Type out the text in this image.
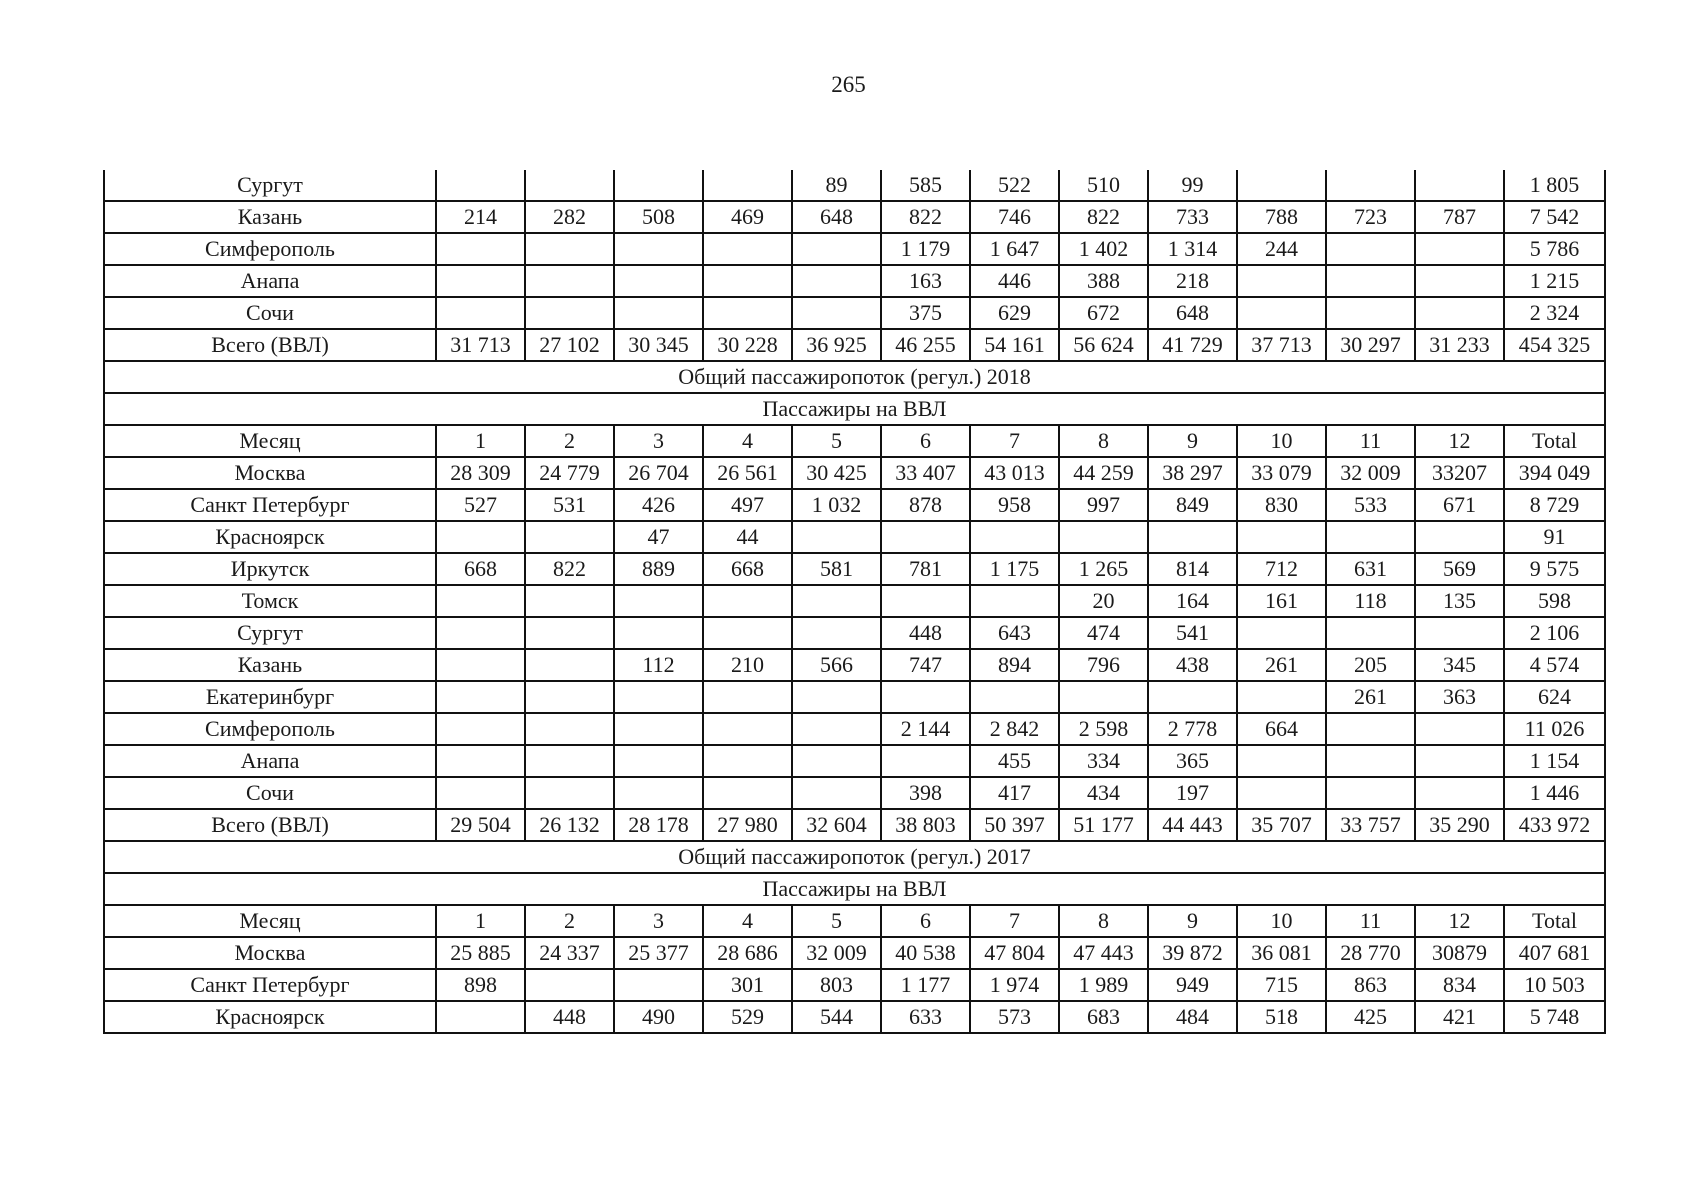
265
Сургут					89	585	522	510	99				1 805
Казань	214	282	508	469	648	822	746	822	733	788	723	787	7 542
Симферополь						1 179	1 647	1 402	1 314	244			5 786
Анапа						163	446	388	218				1 215
Сочи						375	629	672	648				2 324
Всего (ВВЛ)	31 713	27 102	30 345	30 228	36 925	46 255	54 161	56 624	41 729	37 713	30 297	31 233	454 325
Общий пассажиропоток (регул.) 2018													
Пассажиры на ВВЛ													
Месяц	1	2	3	4	5	6	7	8	9	10	11	12	Total
Москва	28 309	24 779	26 704	26 561	30 425	33 407	43 013	44 259	38 297	33 079	32 009	33207	394 049
Санкт Петербург	527	531	426	497	1 032	878	958	997	849	830	533	671	8 729
Красноярск			47	44									91
Иркутск	668	822	889	668	581	781	1 175	1 265	814	712	631	569	9 575
Томск								20	164	161	118	135	598
Сургут						448	643	474	541				2 106
Казань			112	210	566	747	894	796	438	261	205	345	4 574
Екатеринбург											261	363	624
Симферополь						2 144	2 842	2 598	2 778	664			11 026
Анапа							455	334	365				1 154
Сочи						398	417	434	197				1 446
Всего (ВВЛ)	29 504	26 132	28 178	27 980	32 604	38 803	50 397	51 177	44 443	35 707	33 757	35 290	433 972
Общий пассажиропоток (регул.) 2017													
Пассажиры на ВВЛ													
Месяц	1	2	3	4	5	6	7	8	9	10	11	12	Total
Москва	25 885	24 337	25 377	28 686	32 009	40 538	47 804	47 443	39 872	36 081	28 770	30879	407 681
Санкт Петербург	898			301	803	1 177	1 974	1 989	949	715	863	834	10 503
Красноярск		448	490	529	544	633	573	683	484	518	425	421	5 748
